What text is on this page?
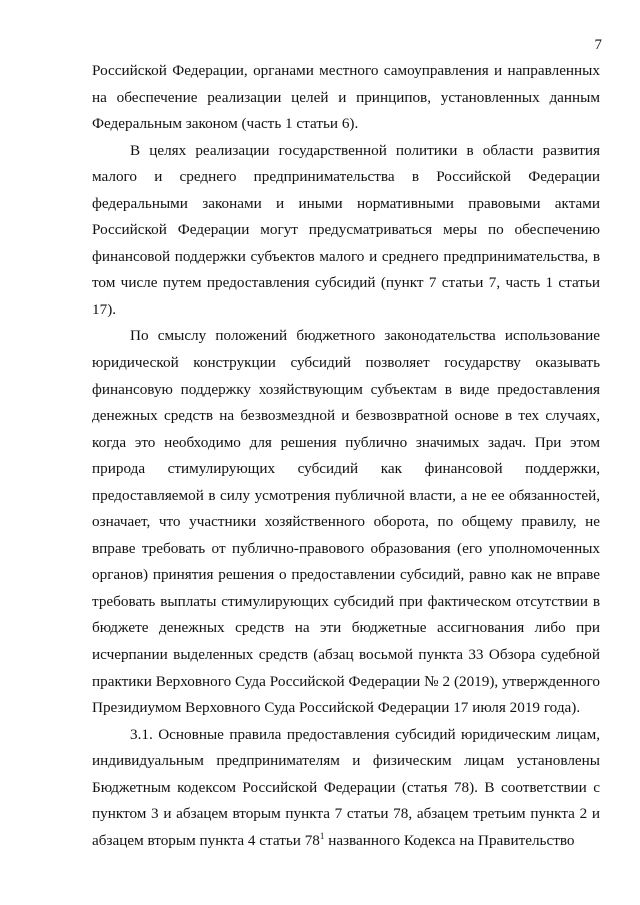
7

Российской Федерации, органами местного самоуправления и направленных на обеспечение реализации целей и принципов, установленных данным Федеральным законом (часть 1 статьи 6).

В целях реализации государственной политики в области развития малого и среднего предпринимательства в Российской Федерации федеральными законами и иными нормативными правовыми актами Российской Федерации могут предусматриваться меры по обеспечению финансовой поддержки субъектов малого и среднего предпринимательства, в том числе путем предоставления субсидий (пункт 7 статьи 7, часть 1 статьи 17).

По смыслу положений бюджетного законодательства использование юридической конструкции субсидий позволяет государству оказывать финансовую поддержку хозяйствующим субъектам в виде предоставления денежных средств на безвозмездной и безвозвратной основе в тех случаях, когда это необходимо для решения публично значимых задач. При этом природа стимулирующих субсидий как финансовой поддержки, предоставляемой в силу усмотрения публичной власти, а не ее обязанностей, означает, что участники хозяйственного оборота, по общему правилу, не вправе требовать от публично-правового образования (его уполномоченных органов) принятия решения о предоставлении субсидий, равно как не вправе требовать выплаты стимулирующих субсидий при фактическом отсутствии в бюджете денежных средств на эти бюджетные ассигнования либо при исчерпании выделенных средств (абзац восьмой пункта 33 Обзора судебной практики Верховного Суда Российской Федерации № 2 (2019), утвержденного Президиумом Верховного Суда Российской Федерации 17 июля 2019 года).

3.1. Основные правила предоставления субсидий юридическим лицам, индивидуальным предпринимателям и физическим лицам установлены Бюджетным кодексом Российской Федерации (статья 78). В соответствии с пунктом 3 и абзацем вторым пункта 7 статьи 78, абзацем третьим пункта 2 и абзацем вторым пункта 4 статьи $78^1$ названного Кодекса на Правительство
